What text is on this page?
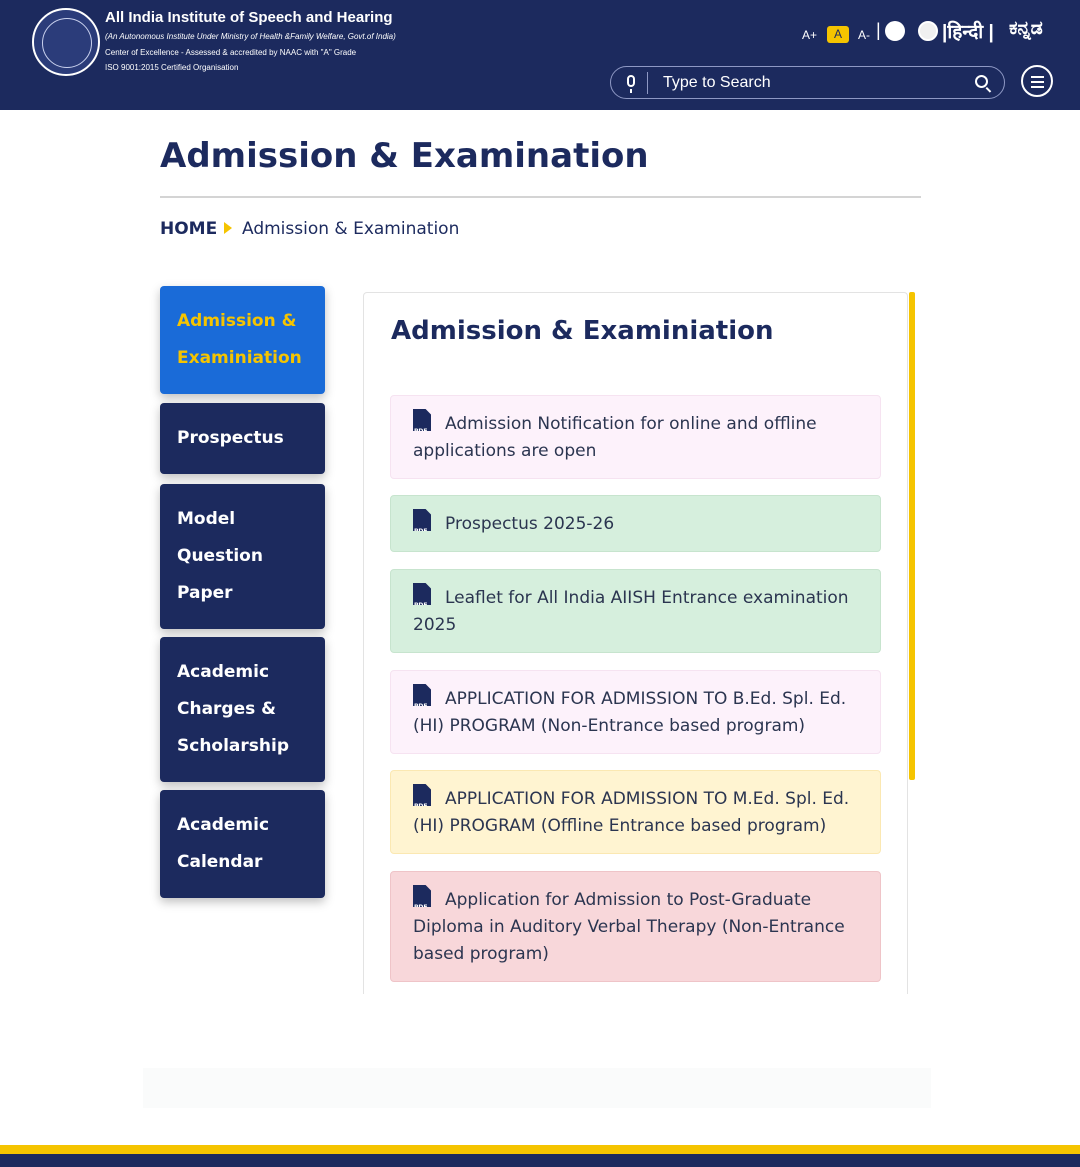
All India Institute of Speech and Hearing
(An Autonomous Institute Under Ministry of Health &Family Welfare, Govt.of India)
Center of Excellence - Assessed & accredited by NAAC with "A" Grade
ISO 9001:2015 Certified Organisation
A+	A	A- |	|हिन्दी | ಕನ್ನಡ
Type to Search
Admission & Examination
HOME Admission & Examination
Admission & Examiniation
Prospectus
Model Question Paper
Academic Charges & Scholarship
Academic Calendar
Admission & Examiniation
PDFAdmission Notification for online and offline applications are open
PDFProspectus 2025-26
PDFLeaflet for All India AIISH Entrance examination 2025
PDFAPPLICATION FOR ADMISSION TO B.Ed. Spl. Ed. (HI) PROGRAM (Non-Entrance based program)
PDFAPPLICATION FOR ADMISSION TO M.Ed. Spl. Ed. (HI) PROGRAM (Offline Entrance based program)
PDFApplication for Admission to Post-Graduate Diploma in Auditory Verbal Therapy (Non-Entrance based program)
